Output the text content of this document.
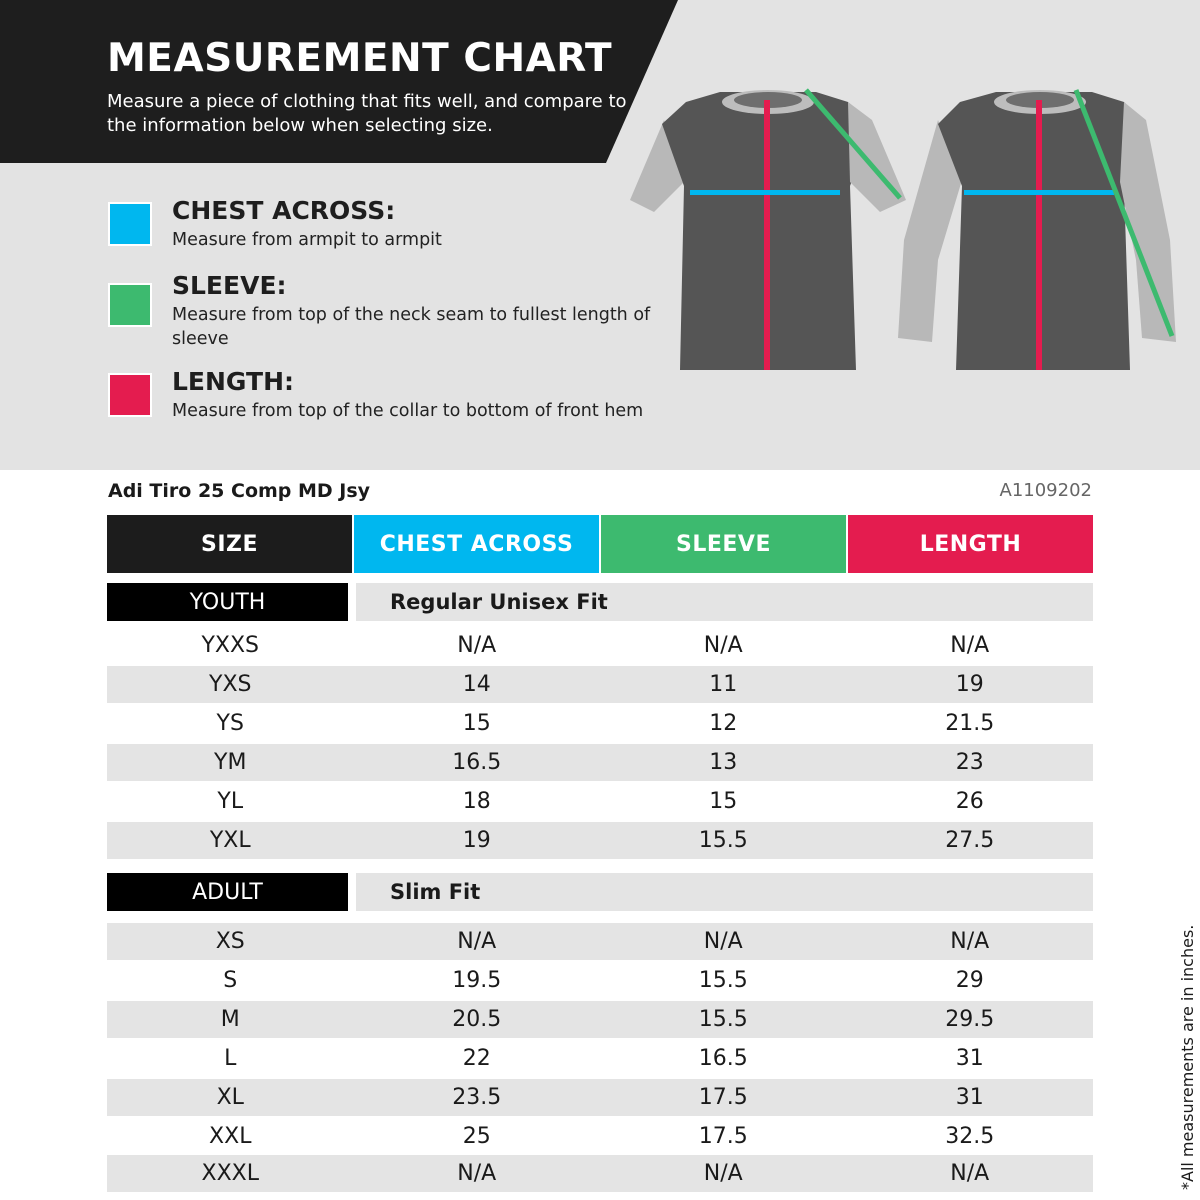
MEASUREMENT CHART
Measure a piece of clothing that fits well, and compare to the information below when selecting size.
CHEST ACROSS:
Measure from armpit to armpit
SLEEVE:
Measure from top of the neck seam to fullest length of sleeve
LENGTH:
Measure from top of the collar to bottom of front hem
Adi Tiro 25 Comp MD Jsy	A1109202
SIZE	CHEST ACROSS	SLEEVE	LENGTH
YOUTH	Regular Unisex Fit
YXXS	N/A	N/A	N/A
YXS	14	11	19
YS	15	12	21.5
YM	16.5	13	23
YL	18	15	26
YXL	19	15.5	27.5
ADULT	Slim Fit
XS	N/A	N/A	N/A
S	19.5	15.5	29
M	20.5	15.5	29.5
L	22	16.5	31
XL	23.5	17.5	31
XXL	25	17.5	32.5
XXXL	N/A	N/A	N/A	*All measurements are in inches.
